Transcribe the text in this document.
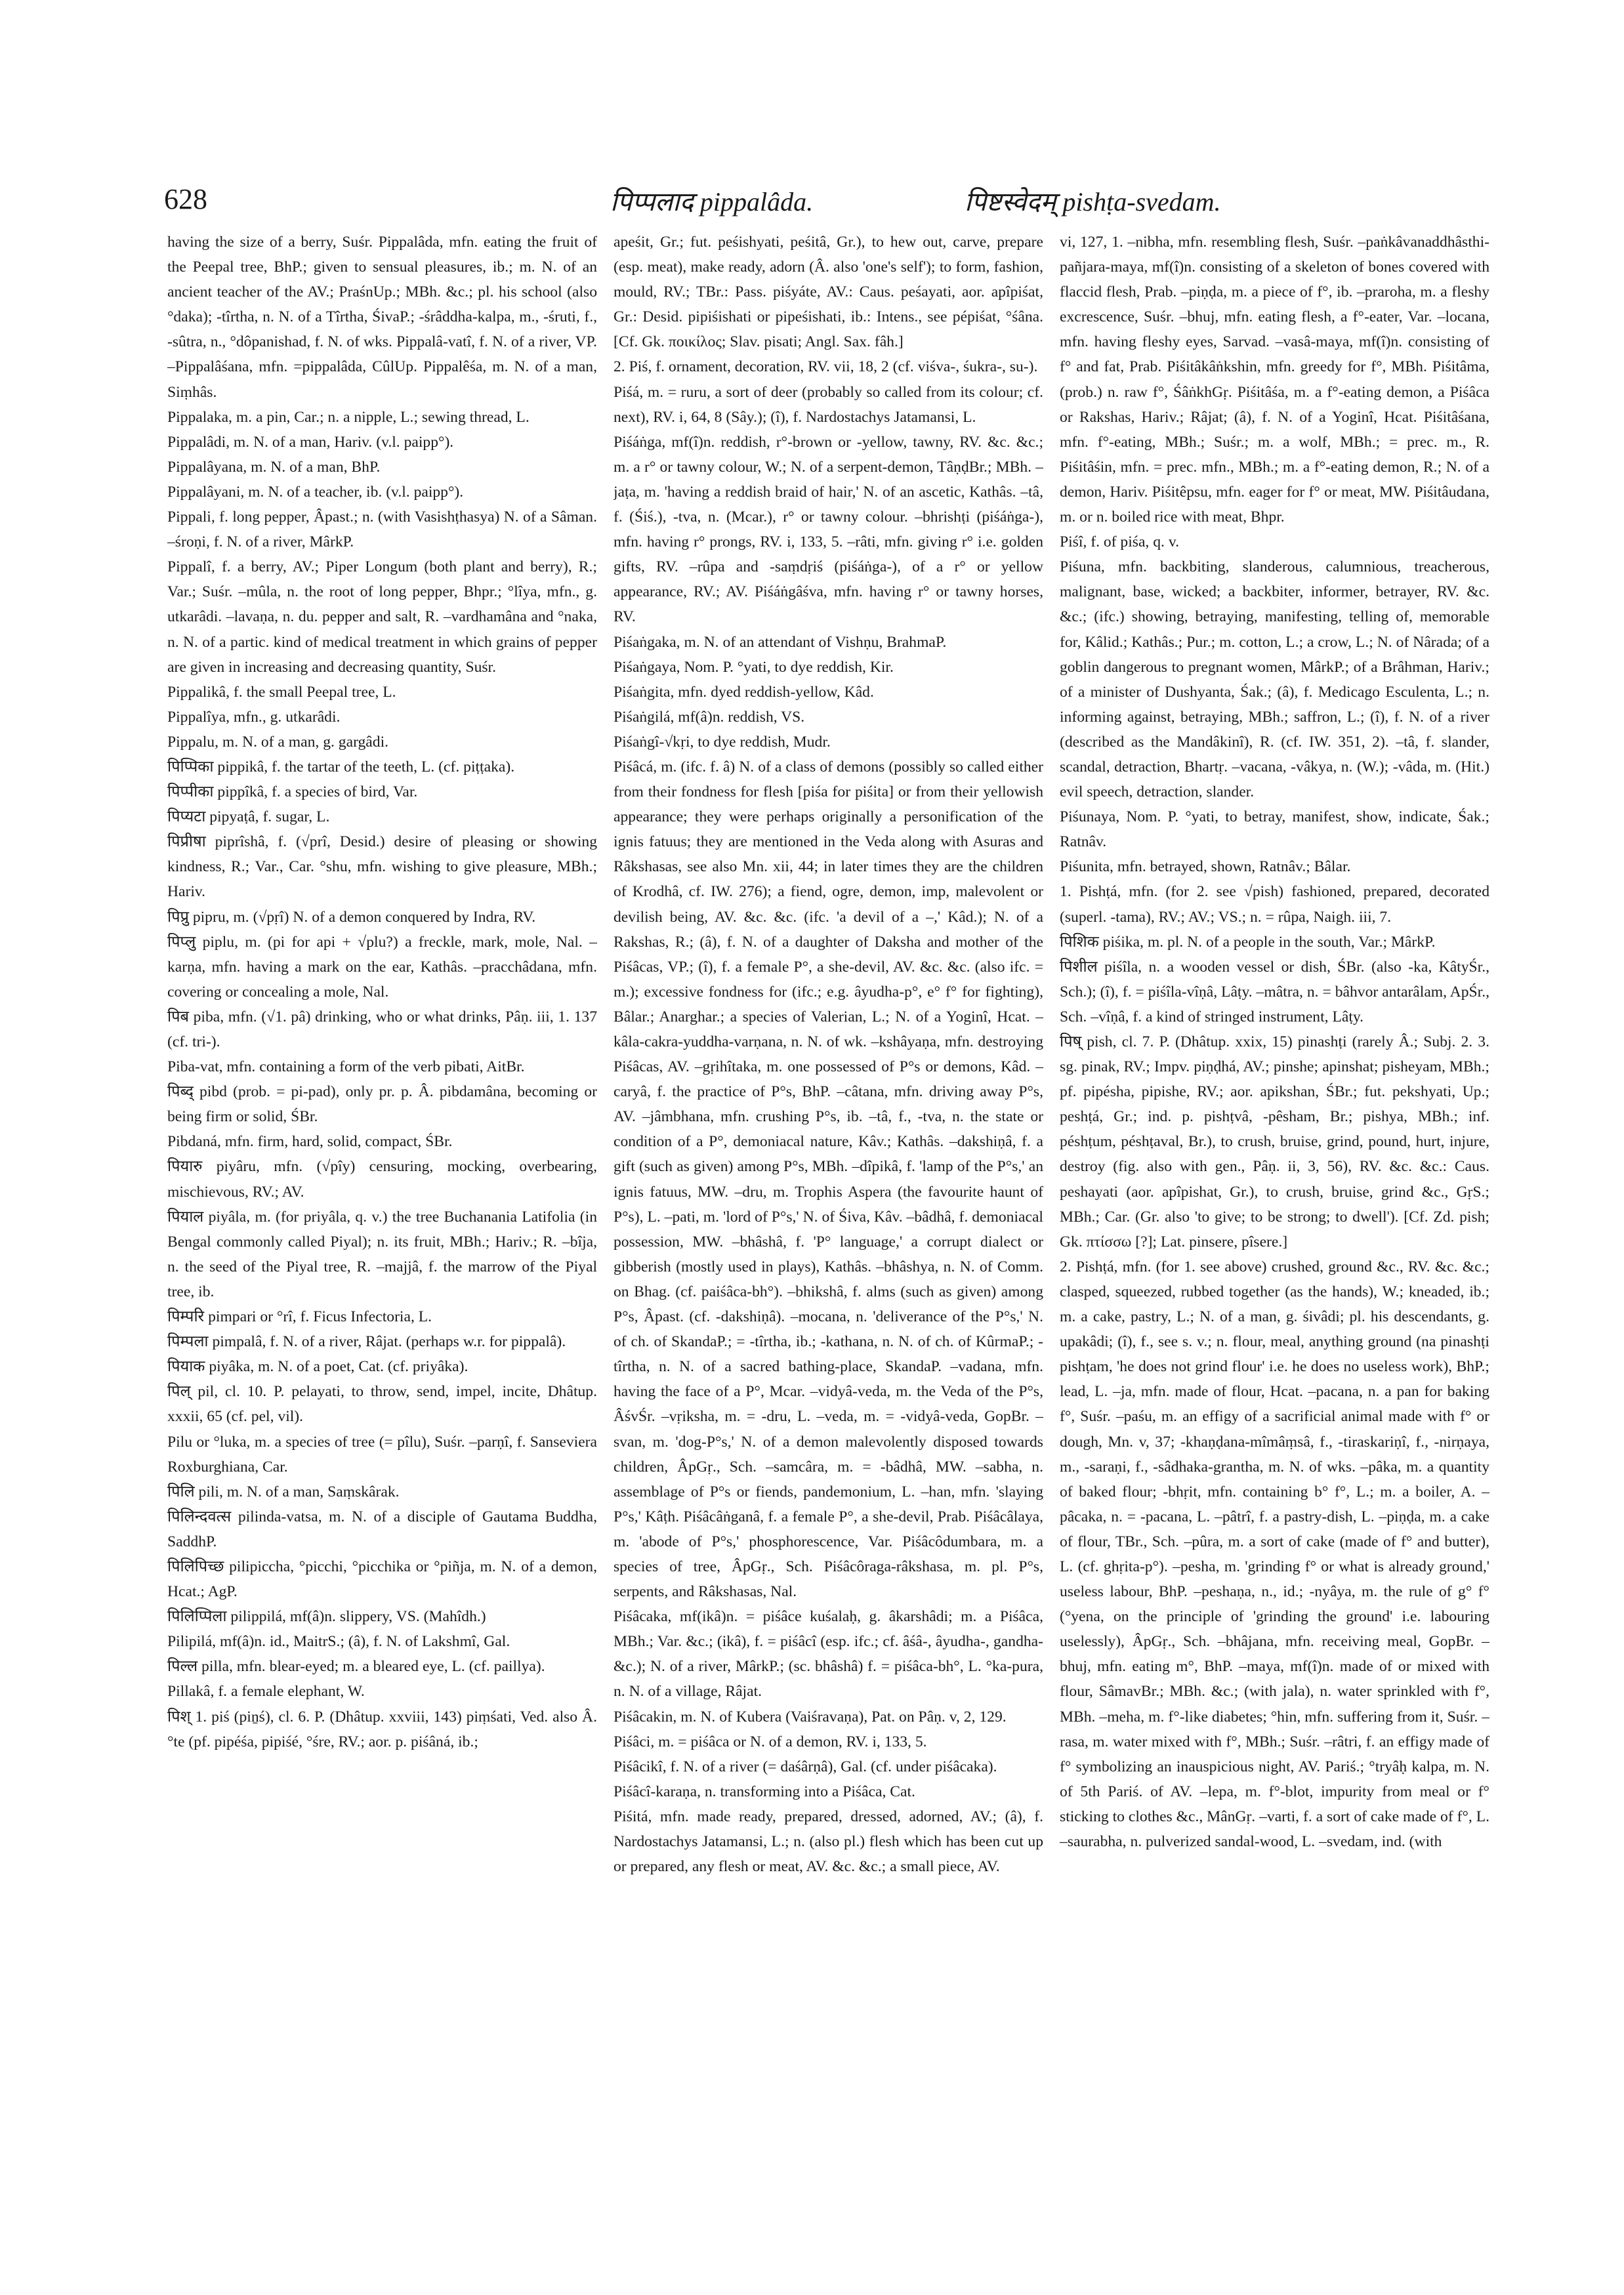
628	पिप्पलाद pippalâda.	पिष्टस्वेदम् pishṭa-svedam.

having the size of a berry, Suśr. Pippalâda, mfn. eating the fruit of the Peepal tree, BhP.; given to sensual pleasures, ib.; m. N. of an ancient teacher of the AV.; PraśnUp.; MBh. &c.; pl. his school (also °daka); -tîrtha, n. N. of a Tîrtha, ŚivaP.; -śrâddha-kalpa, m., -śruti, f., -sûtra, n., °dôpanishad, f. N. of wks. Pippalâ-vatî, f. N. of a river, VP. –Pippalâśana, mfn. =pippalâda, CûlUp. Pippalêśa, m. N. of a man, Siṃhâs.

Pippalaka, m. a pin, Car.; n. a nipple, L.; sewing thread, L.

Pippalâdi, m. N. of a man, Hariv. (v.l. paipp°).

Pippalâyana, m. N. of a man, BhP.

Pippalâyani, m. N. of a teacher, ib. (v.l. paipp°).

Pippali, f. long pepper, Âpast.; n. (with Vasishṭhasya) N. of a Sâman. –śroṇi, f. N. of a river, MârkP.

Pippalî, f. a berry, AV.; Piper Longum (both plant and berry), R.; Var.; Suśr. –mûla, n. the root of long pepper, Bhpr.; °lîya, mfn., g. utkarâdi. –lavaṇa, n. du. pepper and salt, R. –vardhamâna and °naka, n. N. of a partic. kind of medical treatment in which grains of pepper are given in increasing and decreasing quantity, Suśr.

Pippalikâ, f. the small Peepal tree, L.

Pippalîya, mfn., g. utkarâdi.

Pippalu, m. N. of a man, g. gargâdi.

पिप्पिका pippikâ, f. the tartar of the teeth, L. (cf. piṭṭaka).

पिप्पीका pippîkâ, f. a species of bird, Var.

पिप्यटा pipyaṭâ, f. sugar, L.

पिप्रीषा piprîshâ, f. (√prî, Desid.) desire of pleasing or showing kindness, R.; Var., Car. °shu, mfn. wishing to give pleasure, MBh.; Hariv.

पिप्रु pipru, m. (√pṛî) N. of a demon conquered by Indra, RV.

पिप्लु piplu, m. (pi for api + √plu?) a freckle, mark, mole, Nal. –karṇa, mfn. having a mark on the ear, Kathâs. –pracchâdana, mfn. covering or concealing a mole, Nal.

पिब piba, mfn. (√1. pâ) drinking, who or what drinks, Pâṇ. iii, 1. 137 (cf. tri-).

Piba-vat, mfn. containing a form of the verb pibati, AitBr.

पिब्द् pibd (prob. = pi-pad), only pr. p. Â. pibdamâna, becoming or being firm or solid, ŚBr.

Pibdaná, mfn. firm, hard, solid, compact, ŚBr.

पियारु piyâru, mfn. (√pîy) censuring, mocking, overbearing, mischievous, RV.; AV.

पियाल piyâla, m. (for priyâla, q. v.) the tree Buchanania Latifolia (in Bengal commonly called Piyal); n. its fruit, MBh.; Hariv.; R. –bîja, n. the seed of the Piyal tree, R. –majjâ, f. the marrow of the Piyal tree, ib.

पिम्परि pimpari or °rî, f. Ficus Infectoria, L.

पिम्पला pimpalâ, f. N. of a river, Râjat. (perhaps w.r. for pippalâ).

पियाक piyâka, m. N. of a poet, Cat. (cf. priyâka).

पिल् pil, cl. 10. P. pelayati, to throw, send, impel, incite, Dhâtup. xxxii, 65 (cf. pel, vil).

Pilu or °luka, m. a species of tree (= pîlu), Suśr. –parṇî, f. Sanseviera Roxburghiana, Car.

पिलि pili, m. N. of a man, Saṃskârak.

पिलिन्दवत्स pilinda-vatsa, m. N. of a disciple of Gautama Buddha, SaddhP.

पिलिपिच्छ pilipiccha, °picchi, °picchika or °piñja, m. N. of a demon, Hcat.; AgP.

पिलिप्पिला pilippilá, mf(â)n. slippery, VS. (Mahîdh.)

Pilipilá, mf(â)n. id., MaitrS.; (â), f. N. of Lakshmî, Gal.

पिल्ल pilla, mfn. blear-eyed; m. a bleared eye, L. (cf. paillya).

Pillakâ, f. a female elephant, W.

पिश् 1. piś (piṉś), cl. 6. P. (Dhâtup. xxviii, 143) piṃśati, Ved. also Â. °te (pf. pipéśa, pipiśé, °śre, RV.; aor. p. piśâná, ib.;

apeśit, Gr.; fut. peśishyati, peśitâ, Gr.), to hew out, carve, prepare (esp. meat), make ready, adorn (Â. also 'one's self'); to form, fashion, mould, RV.; TBr.: Pass. piśyáte, AV.: Caus. peśayati, aor. apîpiśat, Gr.: Desid. pipiśishati or pipeśishati, ib.: Intens., see pépiśat, °śâna. [Cf. Gk. ποικίλος; Slav. pisati; Angl. Sax. fâh.]

2. Piś, f. ornament, decoration, RV. vii, 18, 2 (cf. viśva-, śukra-, su-).

Piśá, m. = ruru, a sort of deer (probably so called from its colour; cf. next), RV. i, 64, 8 (Sây.); (î), f. Nardostachys Jatamansi, L.

Piśáṅga, mf(î)n. reddish, r°-brown or -yellow, tawny, RV. &c. &c.; m. a r° or tawny colour, W.; N. of a serpent-demon, TâṇḍBr.; MBh. –jaṭa, m. 'having a reddish braid of hair,' N. of an ascetic, Kathâs. –tâ, f. (Śiś.), -tva, n. (Mcar.), r° or tawny colour. –bhrishṭi (piśáṅga-), mfn. having r° prongs, RV. i, 133, 5. –râti, mfn. giving r° i.e. golden gifts, RV. –rûpa and -saṃdṛiś (piśáṅga-), of a r° or yellow appearance, RV.; AV. Piśáṅgâśva, mfn. having r° or tawny horses, RV.

Piśaṅgaka, m. N. of an attendant of Vishṇu, BrahmaP.

Piśaṅgaya, Nom. P. °yati, to dye reddish, Kir.

Piśaṅgita, mfn. dyed reddish-yellow, Kâd.

Piśaṅgilá, mf(â)n. reddish, VS.

Piśaṅgî-√kṛi, to dye reddish, Mudr.

Piśâcá, m. (ifc. f. â) N. of a class of demons (possibly so called either from their fondness for flesh [piśa for piśita] or from their yellowish appearance; they were perhaps originally a personification of the ignis fatuus; they are mentioned in the Veda along with Asuras and Râkshasas, see also Mn. xii, 44; in later times they are the children of Krodhâ, cf. IW. 276); a fiend, ogre, demon, imp, malevolent or devilish being, AV. &c. &c. (ifc. 'a devil of a –,' Kâd.); N. of a Rakshas, R.; (â), f. N. of a daughter of Daksha and mother of the Piśâcas, VP.; (î), f. a female P°, a she-devil, AV. &c. &c. (also ifc. = m.); excessive fondness for (ifc.; e.g. âyudha-p°, e° f° for fighting), Bâlar.; Anarghar.; a species of Valerian, L.; N. of a Yoginî, Hcat. –kâla-cakra-yuddha-varṇana, n. N. of wk. –kshâyaṇa, mfn. destroying Piśâcas, AV. –gṛihîtaka, m. one possessed of P°s or demons, Kâd. –caryâ, f. the practice of P°s, BhP. –câtana, mfn. driving away P°s, AV. –jâmbhana, mfn. crushing P°s, ib. –tâ, f., -tva, n. the state or condition of a P°, demoniacal nature, Kâv.; Kathâs. –dakshiṇâ, f. a gift (such as given) among P°s, MBh. –dîpikâ, f. 'lamp of the P°s,' an ignis fatuus, MW. –dru, m. Trophis Aspera (the favourite haunt of P°s), L. –pati, m. 'lord of P°s,' N. of Śiva, Kâv. –bâdhâ, f. demoniacal possession, MW. –bhâshâ, f. 'P° language,' a corrupt dialect or gibberish (mostly used in plays), Kathâs. –bhâshya, n. N. of Comm. on Bhag. (cf. paiśâca-bh°). –bhikshâ, f. alms (such as given) among P°s, Âpast. (cf. -dakshiṇâ). –mocana, n. 'deliverance of the P°s,' N. of ch. of SkandaP.; = -tîrtha, ib.; -kathana, n. N. of ch. of KûrmaP.; -tîrtha, n. N. of a sacred bathing-place, SkandaP. –vadana, mfn. having the face of a P°, Mcar. –vidyâ-veda, m. the Veda of the P°s, ÂśvŚr. –vṛiksha, m. = -dru, L. –veda, m. = -vidyâ-veda, GopBr. –svan, m. 'dog-P°s,' N. of a demon malevolently disposed towards children, ÂpGṛ., Sch. –samcâra, m. = -bâdhâ, MW. –sabha, n. assemblage of P°s or fiends, pandemonium, L. –han, mfn. 'slaying P°s,' Kâṭh. Piśâcâṅganâ, f. a female P°, a she-devil, Prab. Piśâcâlaya, m. 'abode of P°s,' phosphorescence, Var. Piśâcôdumbara, m. a species of tree, ÂpGṛ., Sch. Piśâcôraga-râkshasa, m. pl. P°s, serpents, and Râkshasas, Nal.

Piśâcaka, mf(ikâ)n. = piśâce kuśalaḥ, g. âkarshâdi; m. a Piśâca, MBh.; Var. &c.; (ikâ), f. = piśâcî (esp. ifc.; cf. âśâ-, âyudha-, gandha- &c.); N. of a river, MârkP.; (sc. bhâshâ) f. = piśâca-bh°, L. °ka-pura, n. N. of a village, Râjat.

Piśâcakin, m. N. of Kubera (Vaiśravaṇa), Pat. on Pâṇ. v, 2, 129.

Piśâci, m. = piśâca or N. of a demon, RV. i, 133, 5.

Piśâcikî, f. N. of a river (= daśârṇâ), Gal. (cf. under piśâcaka).

Piśâcî-karaṇa, n. transforming into a Piśâca, Cat.

Piśitá, mfn. made ready, prepared, dressed, adorned, AV.; (â), f. Nardostachys Jatamansi, L.; n. (also pl.) flesh which has been cut up or prepared, any flesh or meat, AV. &c. &c.; a small piece, AV.

vi, 127, 1. –nibha, mfn. resembling flesh, Suśr. –paṅkâvanaddhâsthi-pañjara-maya, mf(î)n. consisting of a skeleton of bones covered with flaccid flesh, Prab. –piṇḍa, m. a piece of f°, ib. –praroha, m. a fleshy excrescence, Suśr. –bhuj, mfn. eating flesh, a f°-eater, Var. –locana, mfn. having fleshy eyes, Sarvad. –vasâ-maya, mf(î)n. consisting of f° and fat, Prab. Piśitâkâṅkshin, mfn. greedy for f°, MBh. Piśitâma, (prob.) n. raw f°, ŚâṅkhGṛ. Piśitâśa, m. a f°-eating demon, a Piśâca or Rakshas, Hariv.; Râjat; (â), f. N. of a Yoginî, Hcat. Piśitâśana, mfn. f°-eating, MBh.; Suśr.; m. a wolf, MBh.; = prec. m., R. Piśitâśin, mfn. = prec. mfn., MBh.; m. a f°-eating demon, R.; N. of a demon, Hariv. Piśitêpsu, mfn. eager for f° or meat, MW. Piśitâudana, m. or n. boiled rice with meat, Bhpr.

Piśî, f. of piśa, q. v.

Piśuna, mfn. backbiting, slanderous, calumnious, treacherous, malignant, base, wicked; a backbiter, informer, betrayer, RV. &c. &c.; (ifc.) showing, betraying, manifesting, telling of, memorable for, Kâlid.; Kathâs.; Pur.; m. cotton, L.; a crow, L.; N. of Nârada; of a goblin dangerous to pregnant women, MârkP.; of a Brâhman, Hariv.; of a minister of Dushyanta, Śak.; (â), f. Medicago Esculenta, L.; n. informing against, betraying, MBh.; saffron, L.; (î), f. N. of a river (described as the Mandâkinî), R. (cf. IW. 351, 2). –tâ, f. slander, scandal, detraction, Bhartṛ. –vacana, -vâkya, n. (W.); -vâda, m. (Hit.) evil speech, detraction, slander.

Piśunaya, Nom. P. °yati, to betray, manifest, show, indicate, Śak.; Ratnâv.

Piśunita, mfn. betrayed, shown, Ratnâv.; Bâlar.

1. Pishṭá, mfn. (for 2. see √pish) fashioned, prepared, decorated (superl. -tama), RV.; AV.; VS.; n. = rûpa, Naigh. iii, 7.

पिशिक piśika, m. pl. N. of a people in the south, Var.; MârkP.

पिशील piśîla, n. a wooden vessel or dish, ŚBr. (also -ka, KâtyŚr., Sch.); (î), f. = piśîla-vîṇâ, Lâṭy. –mâtra, n. = bâhvor antarâlam, ApŚr., Sch. –vîṇâ, f. a kind of stringed instrument, Lâṭy.

पिष् pish, cl. 7. P. (Dhâtup. xxix, 15) pinashṭi (rarely Â.; Subj. 2. 3. sg. pinak, RV.; Impv. piṇḍhá, AV.; pinshe; apinshat; pisheyam, MBh.; pf. pipésha, pipishe, RV.; aor. apikshan, ŚBr.; fut. pekshyati, Up.; peshṭá, Gr.; ind. p. pishṭvâ, -pêsham, Br.; pishya, MBh.; inf. péshṭum, péshṭaval, Br.), to crush, bruise, grind, pound, hurt, injure, destroy (fig. also with gen., Pâṇ. ii, 3, 56), RV. &c. &c.: Caus. peshayati (aor. apîpishat, Gr.), to crush, bruise, grind &c., GṛS.; MBh.; Car. (Gr. also 'to give; to be strong; to dwell'). [Cf. Zd. pish; Gk. πτίσσω [?]; Lat. pinsere, pîsere.]

2. Pishṭá, mfn. (for 1. see above) crushed, ground &c., RV. &c. &c.; clasped, squeezed, rubbed together (as the hands), W.; kneaded, ib.; m. a cake, pastry, L.; N. of a man, g. śivâdi; pl. his descendants, g. upakâdi; (î), f., see s. v.; n. flour, meal, anything ground (na pinashṭi pishṭam, 'he does not grind flour' i.e. he does no useless work), BhP.; lead, L. –ja, mfn. made of flour, Hcat. –pacana, n. a pan for baking f°, Suśr. –paśu, m. an effigy of a sacrificial animal made with f° or dough, Mn. v, 37; -khaṇḍana-mîmâṃsâ, f., -tiraskariṇî, f., -nirṇaya, m., -saraṇi, f., -sâdhaka-grantha, m. N. of wks. –pâka, m. a quantity of baked flour; -bhṛit, mfn. containing b° f°, L.; m. a boiler, A. –pâcaka, n. = -pacana, L. –pâtrî, f. a pastry-dish, L. –piṇḍa, m. a cake of flour, TBr., Sch. –pûra, m. a sort of cake (made of f° and butter), L. (cf. ghṛita-p°). –pesha, m. 'grinding f° or what is already ground,' useless labour, BhP. –peshaṇa, n., id.; -nyâya, m. the rule of g° f° (°yena, on the principle of 'grinding the ground' i.e. labouring uselessly), ÂpGṛ., Sch. –bhâjana, mfn. receiving meal, GopBr. –bhuj, mfn. eating m°, BhP. –maya, mf(î)n. made of or mixed with flour, SâmavBr.; MBh. &c.; (with jala), n. water sprinkled with f°, MBh. –meha, m. f°-like diabetes; °hin, mfn. suffering from it, Suśr. –rasa, m. water mixed with f°, MBh.; Suśr. –râtri, f. an effigy made of f° symbolizing an inauspicious night, AV. Pariś.; °tryâḥ kalpa, m. N. of 5th Pariś. of AV. –lepa, m. f°-blot, impurity from meal or f° sticking to clothes &c., MânGṛ. –varti, f. a sort of cake made of f°, L. –saurabha, n. pulverized sandal-wood, L. –svedam, ind. (with
